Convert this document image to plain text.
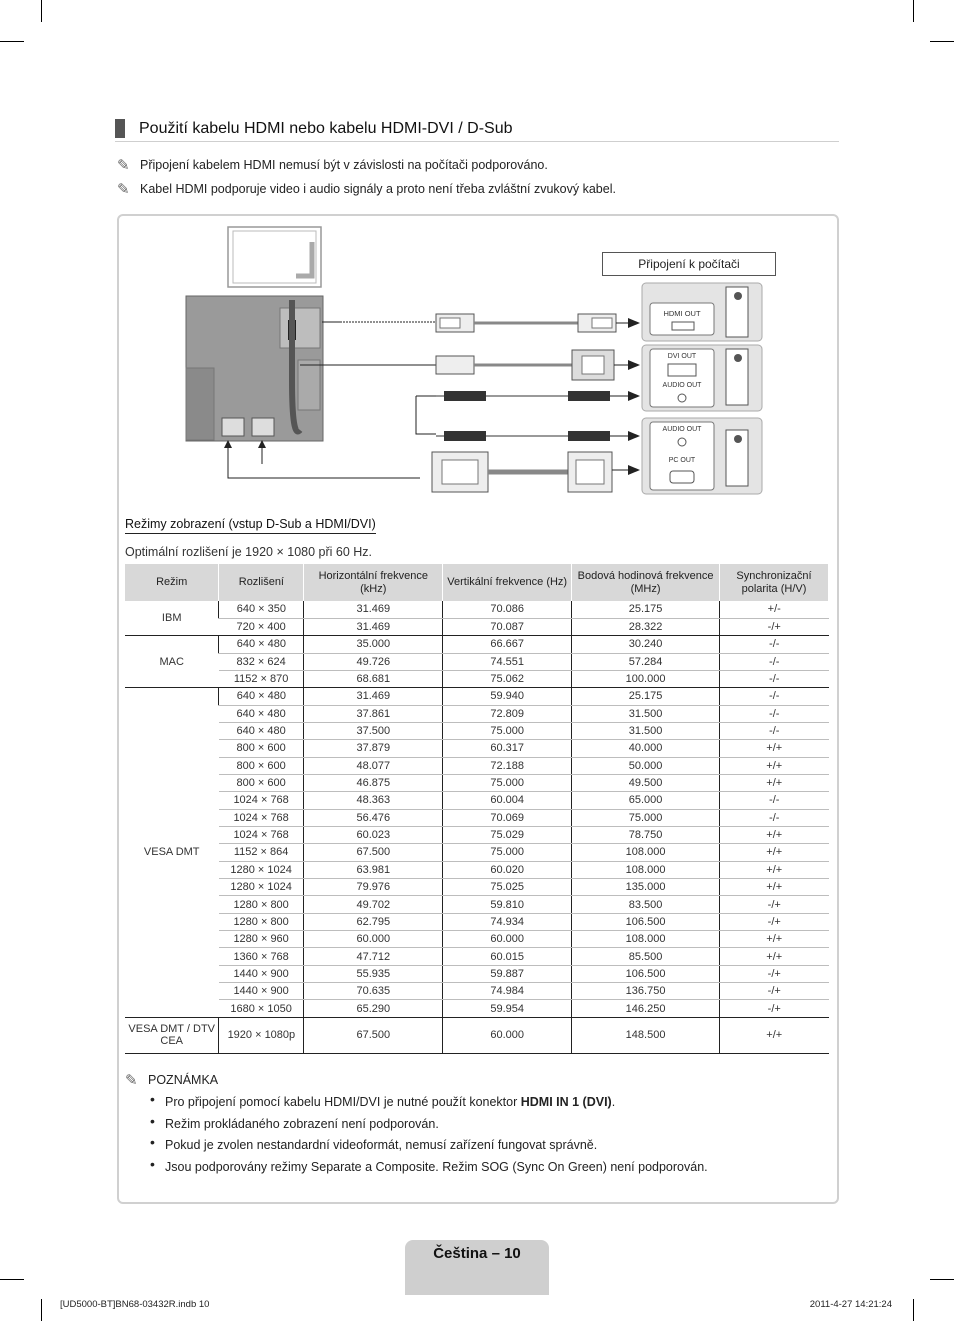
Použití kabelu HDMI nebo kabelu HDMI-DVI / D-Sub
✎ Připojení kabelem HDMI nemusí být v závislosti na počítači podporováno.
✎ Kabel HDMI podporuje video i audio signály a proto není třeba zvláštní zvukový kabel.
HDMI OUT
DVI OUT
AUDIO OUT
AUDIO OUT
PC OUT
Připojení k počítači
Režimy zobrazení (vstup D-Sub a HDMI/DVI)
Optimální rozlišení je 1920 × 1080 při 60 Hz.
Režim	Rozlišení	Horizontální frekvence (kHz)	Vertikální frekvence (Hz)	Bodová hodinová frekvence (MHz)	Synchronizační polarita (H/V)
IBM	640 × 350	31.469	70.086	25.175	+/-
	720 × 400	31.469	70.087	28.322	-/+
MAC	640 × 480	35.000	66.667	30.240	-/-
	832 × 624	49.726	74.551	57.284	-/-
	1152 × 870	68.681	75.062	100.000	-/-
VESA DMT	640 × 480	31.469	59.940	25.175	-/-
	640 × 480	37.861	72.809	31.500	-/-
	640 × 480	37.500	75.000	31.500	-/-
	800 × 600	37.879	60.317	40.000	+/+
	800 × 600	48.077	72.188	50.000	+/+
	800 × 600	46.875	75.000	49.500	+/+
	1024 × 768	48.363	60.004	65.000	-/-
	1024 × 768	56.476	70.069	75.000	-/-
	1024 × 768	60.023	75.029	78.750	+/+
	1152 × 864	67.500	75.000	108.000	+/+
	1280 × 1024	63.981	60.020	108.000	+/+
	1280 × 1024	79.976	75.025	135.000	+/+
	1280 × 800	49.702	59.810	83.500	-/+
	1280 × 800	62.795	74.934	106.500	-/+
	1280 × 960	60.000	60.000	108.000	+/+
	1360 × 768	47.712	60.015	85.500	+/+
	1440 × 900	55.935	59.887	106.500	-/+
	1440 × 900	70.635	74.984	136.750	-/+
	1680 × 1050	65.290	59.954	146.250	-/+
VESA DMT / DTV CEA	1920 × 1080p	67.500	60.000	148.500	+/+
✎ POZNÁMKA
• Pro připojení pomocí kabelu HDMI/DVI je nutné použít konektor HDMI IN 1 (DVI).
• Režim prokládaného zobrazení není podporován.
• Pokud je zvolen nestandardní videoformát, nemusí zařízení fungovat správně.
• Jsou podporovány režimy Separate a Composite. Režim SOG (Sync On Green) není podporován.
Čeština – 10
[UD5000-BT]BN68-03432R.indb 10	2011-4-27 14:21:24
